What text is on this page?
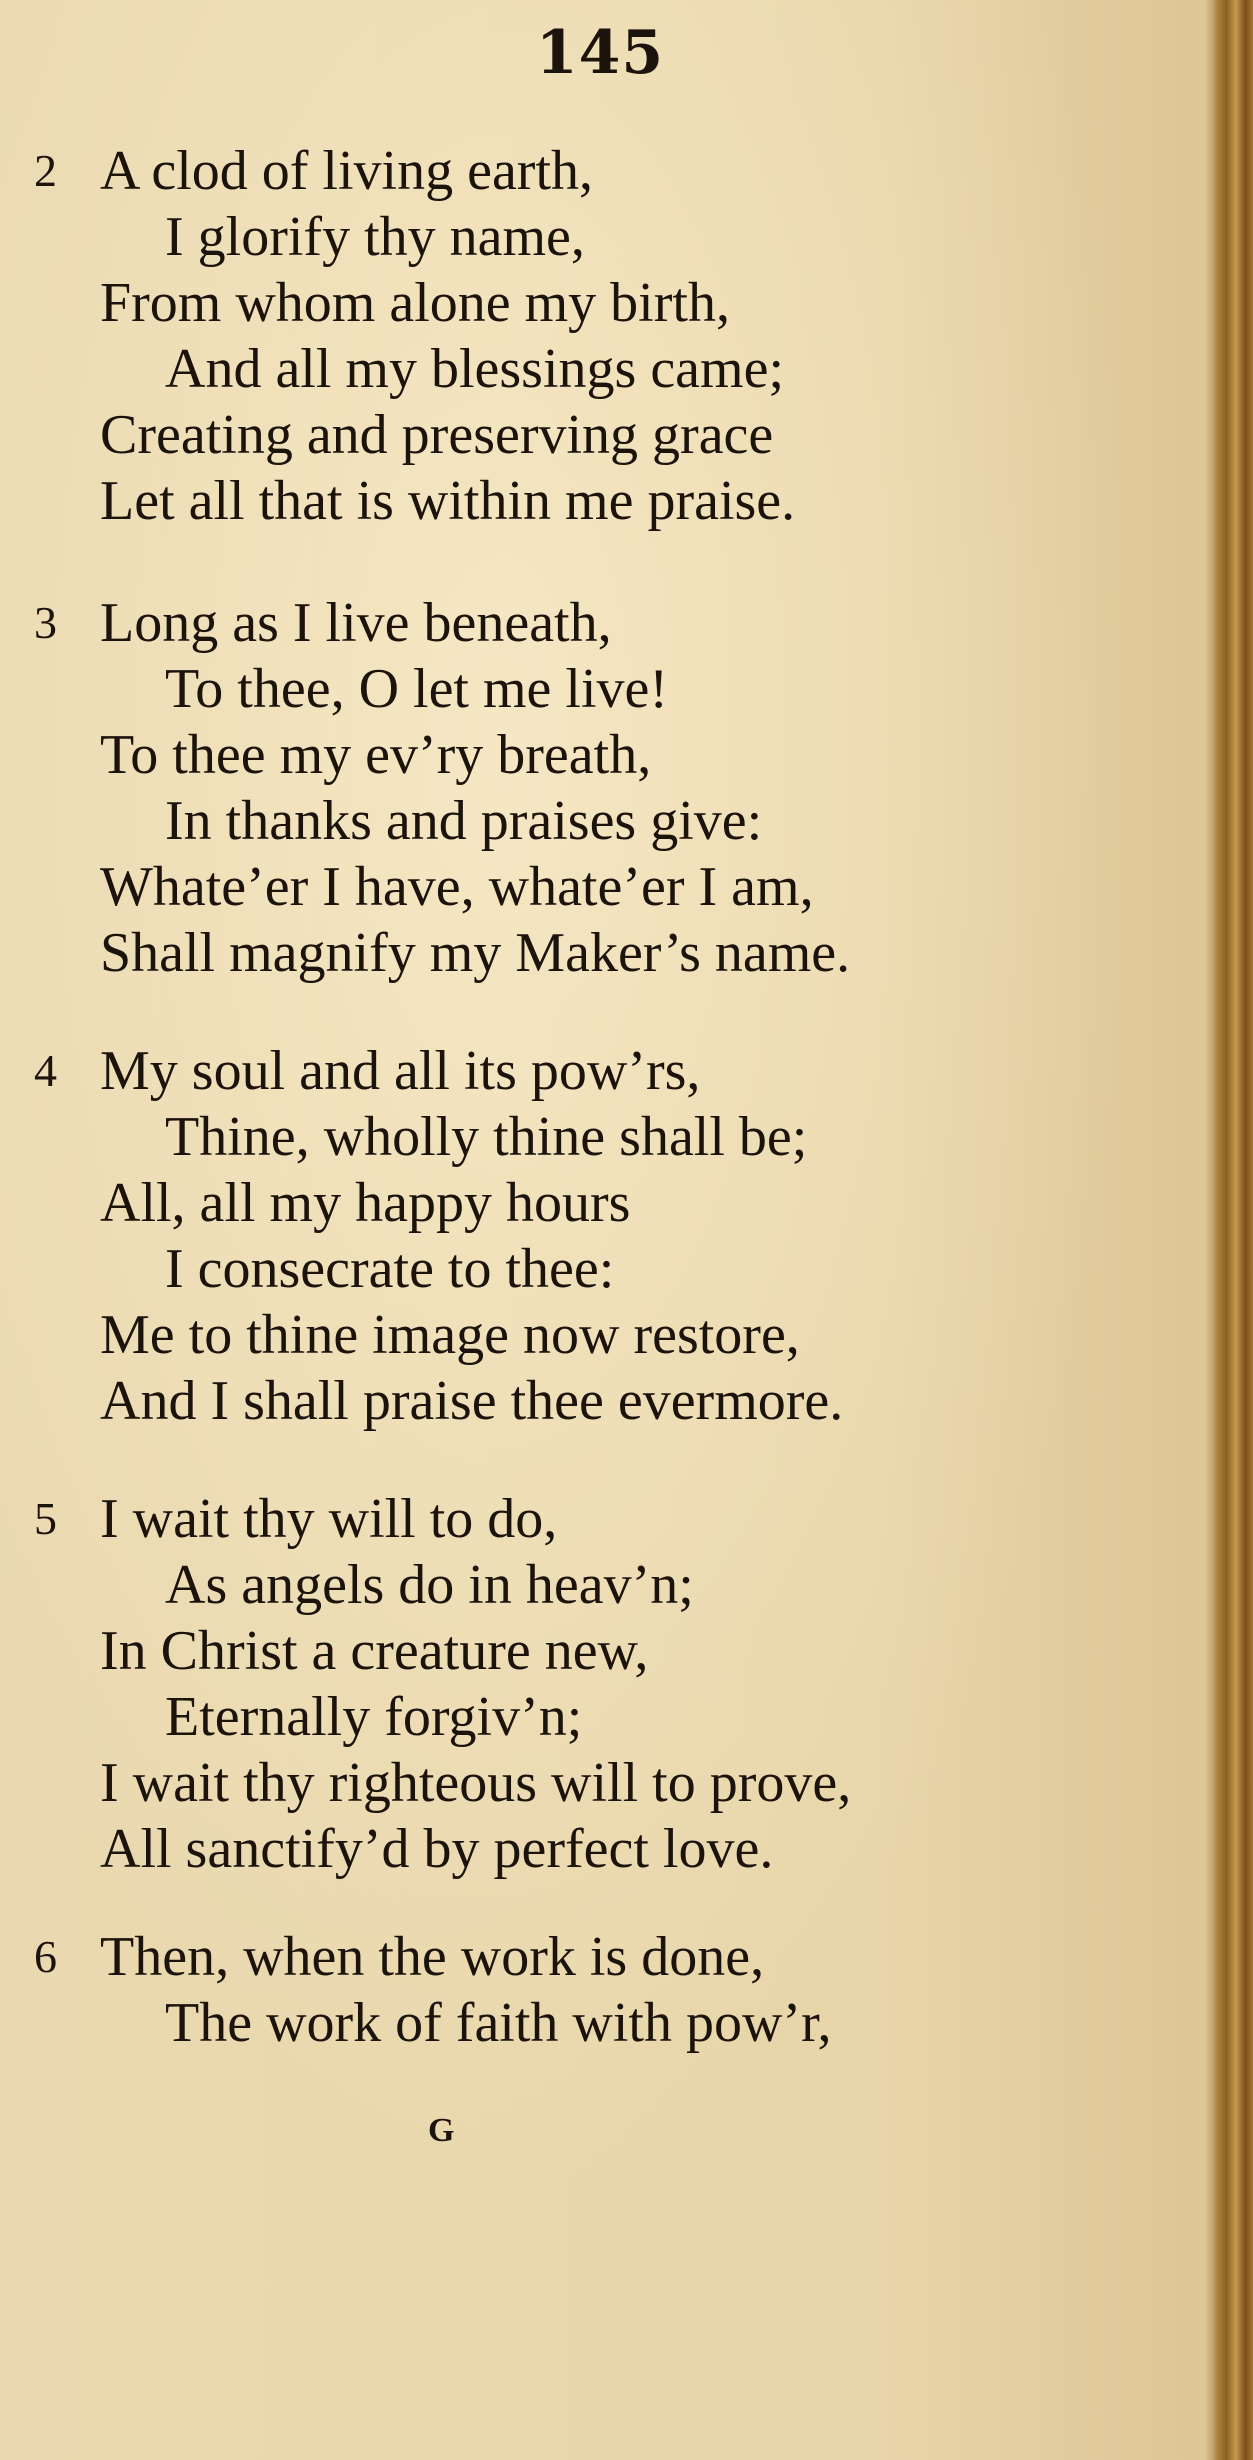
145
2 A clod of living earth,
I glorify thy name,
From whom alone my birth,
And all my blessings came;
Creating and preserving grace
Let all that is within me praise.
3 Long as I live beneath,
To thee, O let me live!
To thee my ev’ry breath,
In thanks and praises give:
Whate’er I have, whate’er I am,
Shall magnify my Maker’s name.
4 My soul and all its pow’rs,
Thine, wholly thine shall be;
All, all my happy hours
I consecrate to thee:
Me to thine image now restore,
And I shall praise thee evermore.
5 I wait thy will to do,
As angels do in heav’n;
In Christ a creature new,
Eternally forgiv’n;
I wait thy righteous will to prove,
All sanctify’d by perfect love.
6 Then, when the work is done,
The work of faith with pow’r,
G
